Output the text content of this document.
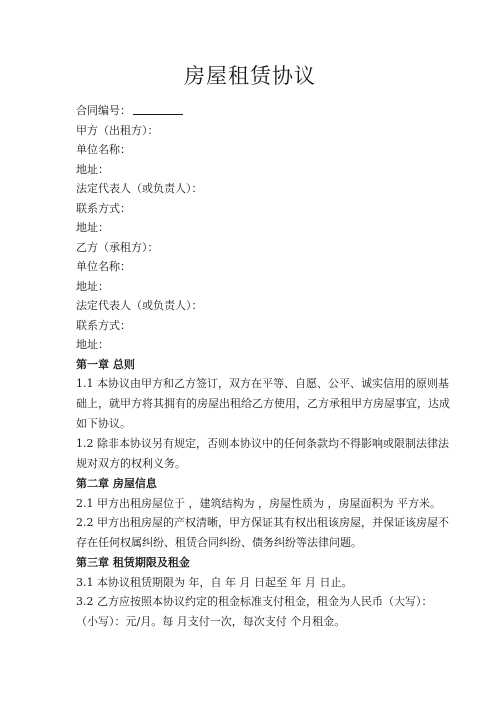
房屋租赁协议
合同编号：
甲方（出租方）：
单位名称：
地址：
法定代表人（或负责人）：
联系方式：
地址：
乙方（承租方）：
单位名称：
地址：
法定代表人（或负责人）：
联系方式：
地址：
第一章 总则

1.1 本协议由甲方和乙方签订，双方在平等、自愿、公平、诚实信用的原则基

础上，就甲方将其拥有的房屋出租给乙方使用，乙方承租甲方房屋事宜，达成

如下协议。

1.2 除非本协议另有规定，否则本协议中的任何条款均不得影响或限制法律法

规对双方的权利义务。

第二章 房屋信息
2.1 甲方出租房屋位于 ，建筑结构为 ，房屋性质为 ，房屋面积为 平方米。

2.2 甲方出租房屋的产权清晰，甲方保证其有权出租该房屋，并保证该房屋不

存在任何权属纠纷、租赁合同纠纷、债务纠纷等法律问题。

第三章 租赁期限及租金
3.1 本协议租赁期限为 年，自 年 月 日起至 年 月 日止。

3.2 乙方应按照本协议约定的租金标准支付租金，租金为人民币（大写）：

（小写）：元/月。每 月支付一次，每次支付 个月租金。
